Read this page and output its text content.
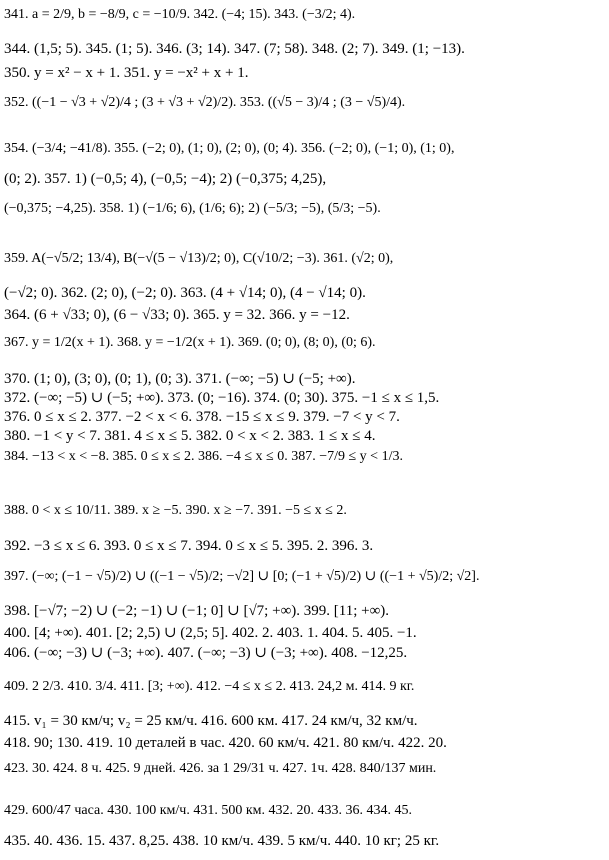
341. a = 2/9, b = −8/9, c = −10/9. 342. (−4; 15). 343. (−3/2; 4).
344. (1,5; 5). 345. (1; 5). 346. (3; 14). 347. (7; 58). 348. (2; 7). 349. (1; −13).
350. y = x² − x + 1. 351. y = −x² + x + 1.
352. ((−1 − √3 + √2)/4 ; (3 + √3 + √2)/2). 353. ((√5 − 3)/4 ; (3 − √5)/4).
354. (−3/4; −41/8). 355. (−2; 0), (1; 0), (2; 0), (0; 4). 356. (−2; 0), (−1; 0), (1; 0),
(0; 2). 357. 1) (−0,5; 4), (−0,5; −4); 2) (−0,375; 4,25),
(−0,375; −4,25). 358. 1) (−1/6; 6), (1/6; 6); 2) (−5/3; −5), (5/3; −5).
359. A(−√5/2; 13/4), B(−√(5 − √13)/2; 0), C(√10/2; −3). 361. (√2; 0),
(−√2; 0). 362. (2; 0), (−2; 0). 363. (4 + √14; 0), (4 − √14; 0).
364. (6 + √33; 0), (6 − √33; 0). 365. y = 32. 366. y = −12.
367. y = 1/2(x + 1). 368. y = −1/2(x + 1). 369. (0; 0), (8; 0), (0; 6).
370. (1; 0), (3; 0), (0; 1), (0; 3). 371. (−∞; −5) ∪ (−5; +∞).
372. (−∞; −5) ∪ (−5; +∞). 373. (0; −16). 374. (0; 30). 375. −1 ≤ x ≤ 1,5.
376. 0 ≤ x ≤ 2. 377. −2 < x < 6. 378. −15 ≤ x ≤ 9. 379. −7 < y < 7.
380. −1 < y < 7. 381. 4 ≤ x ≤ 5. 382. 0 < x < 2. 383. 1 ≤ x ≤ 4.
384. −13 < x < −8. 385. 0 ≤ x ≤ 2. 386. −4 ≤ x ≤ 0. 387. −7/9 ≤ y < 1/3.
388. 0 < x ≤ 10/11. 389. x ≥ −5. 390. x ≥ −7. 391. −5 ≤ x ≤ 2.
392. −3 ≤ x ≤ 6. 393. 0 ≤ x ≤ 7. 394. 0 ≤ x ≤ 5. 395. 2. 396. 3.
397. (−∞; (−1 − √5)/2) ∪ ((−1 − √5)/2; −√2] ∪ [0; (−1 + √5)/2) ∪ ((−1 + √5)/2; √2].
398. [−√7; −2) ∪ (−2; −1) ∪ (−1; 0] ∪ [√7; +∞). 399. [11; +∞).
400. [4; +∞). 401. [2; 2,5) ∪ (2,5; 5]. 402. 2. 403. 1. 404. 5. 405. −1.
406. (−∞; −3) ∪ (−3; +∞). 407. (−∞; −3) ∪ (−3; +∞). 408. −12,25.
409. 2 2/3. 410. 3/4. 411. [3; +∞). 412. −4 ≤ x ≤ 2. 413. 24,2 м. 414. 9 кг.
415. v₁ = 30 км/ч; v₂ = 25 км/ч. 416. 600 км. 417. 24 км/ч, 32 км/ч.
418. 90; 130. 419. 10 деталей в час. 420. 60 км/ч. 421. 80 км/ч. 422. 20.
423. 30. 424. 8 ч. 425. 9 дней. 426. за 1 29/31 ч. 427. 1ч. 428. 840/137 мин.
429. 600/47 часа. 430. 100 км/ч. 431. 500 км. 432. 20. 433. 36. 434. 45.
435. 40. 436. 15. 437. 8,25. 438. 10 км/ч. 439. 5 км/ч. 440. 10 кг; 25 кг.
